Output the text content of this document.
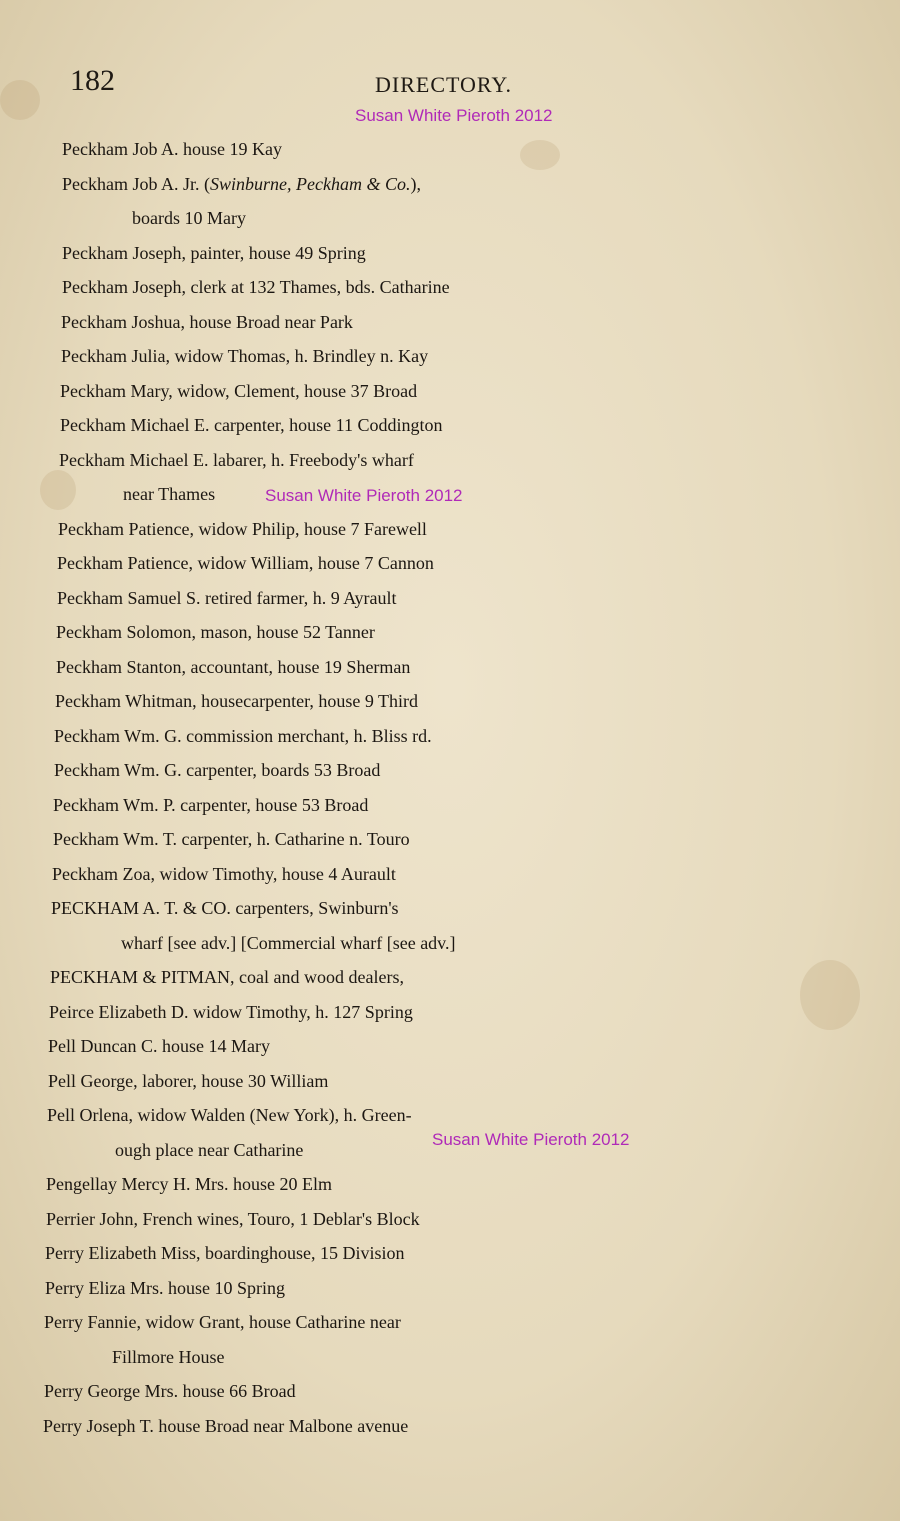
182	DIRECTORY.
Susan White Pieroth 2012
Susan White Pieroth 2012
Susan White Pieroth 2012
Peckham Job A. house 19 Kay
Peckham Job A. Jr. (Swinburne, Peckham & Co.),
boards 10 Mary
Peckham Joseph, painter, house 49 Spring
Peckham Joseph, clerk at 132 Thames, bds. Catharine
Peckham Joshua, house Broad near Park
Peckham Julia, widow Thomas, h. Brindley n. Kay
Peckham Mary, widow, Clement, house 37 Broad
Peckham Michael E. carpenter, house 11 Coddington
Peckham Michael E. labarer, h. Freebody's wharf
near Thames
Peckham Patience, widow Philip, house 7 Farewell
Peckham Patience, widow William, house 7 Cannon
Peckham Samuel S. retired farmer, h. 9 Ayrault
Peckham Solomon, mason, house 52 Tanner
Peckham Stanton, accountant, house 19 Sherman
Peckham Whitman, housecarpenter, house 9 Third
Peckham Wm. G. commission merchant, h. Bliss rd.
Peckham Wm. G. carpenter, boards 53 Broad
Peckham Wm. P. carpenter, house 53 Broad
Peckham Wm. T. carpenter, h. Catharine n. Touro
Peckham Zoa, widow Timothy, house 4 Aurault
PECKHAM A. T. & CO. carpenters, Swinburn's
wharf [see adv.] [Commercial wharf [see adv.]
PECKHAM & PITMAN, coal and wood dealers,
Peirce Elizabeth D. widow Timothy, h. 127 Spring
Pell Duncan C. house 14 Mary
Pell George, laborer, house 30 William
Pell Orlena, widow Walden (New York), h. Green-
ough place near Catharine
Pengellay Mercy H. Mrs. house 20 Elm
Perrier John, French wines, Touro, 1 Deblar's Block
Perry Elizabeth Miss, boardinghouse, 15 Division
Perry Eliza Mrs. house 10 Spring
Perry Fannie, widow Grant, house Catharine near
Fillmore House
Perry George Mrs. house 66 Broad
Perry Joseph T. house Broad near Malbone avenue
